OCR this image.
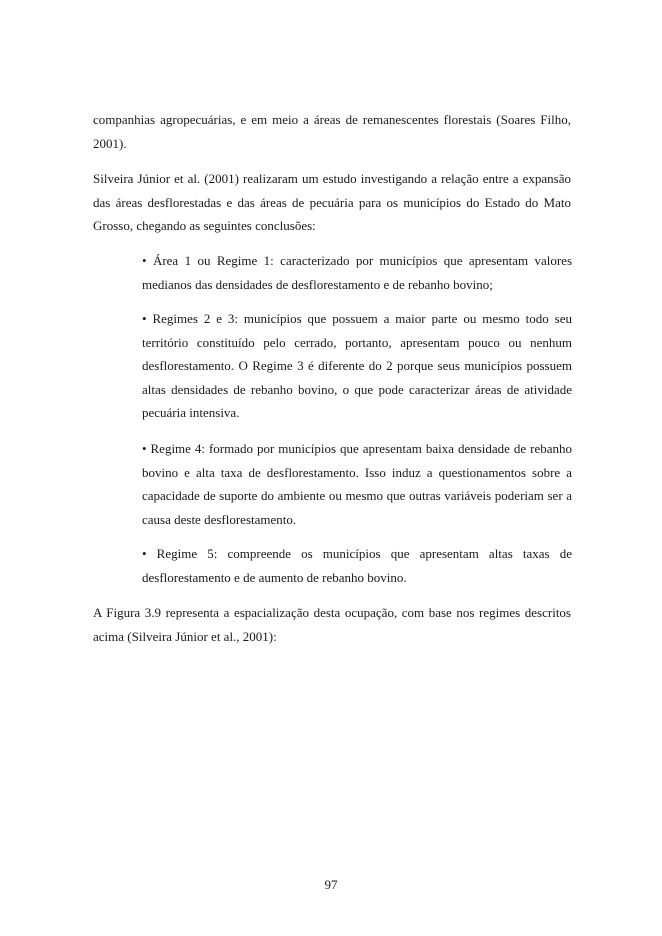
companhias agropecuárias, e em meio a áreas de remanescentes florestais (Soares Filho, 2001).

Silveira Júnior et al. (2001) realizaram um estudo investigando a relação entre a expansão das áreas desflorestadas e das áreas de pecuária para os municípios do Estado do Mato Grosso, chegando as seguintes conclusões:

• Área 1 ou Regime 1: caracterizado por municípios que apresentam valores medianos das densidades de desflorestamento e de rebanho bovino;

• Regimes 2 e 3: municípios que possuem a maior parte ou mesmo todo seu território constituído pelo cerrado, portanto, apresentam pouco ou nenhum desflorestamento. O Regime 3 é diferente do 2 porque seus municípios possuem altas densidades de rebanho bovino, o que pode caracterizar áreas de atividade pecuária intensiva.

• Regime 4: formado por municípios que apresentam baixa densidade de rebanho bovino e alta taxa de desflorestamento. Isso induz a questionamentos sobre a capacidade de suporte do ambiente ou mesmo que outras variáveis poderiam ser a causa deste desflorestamento.

• Regime 5: compreende os municípios que apresentam altas taxas de desflorestamento e de aumento de rebanho bovino.

A Figura 3.9 representa a espacialização desta ocupação, com base nos regimes descritos acima (Silveira Júnior et al., 2001):

97
